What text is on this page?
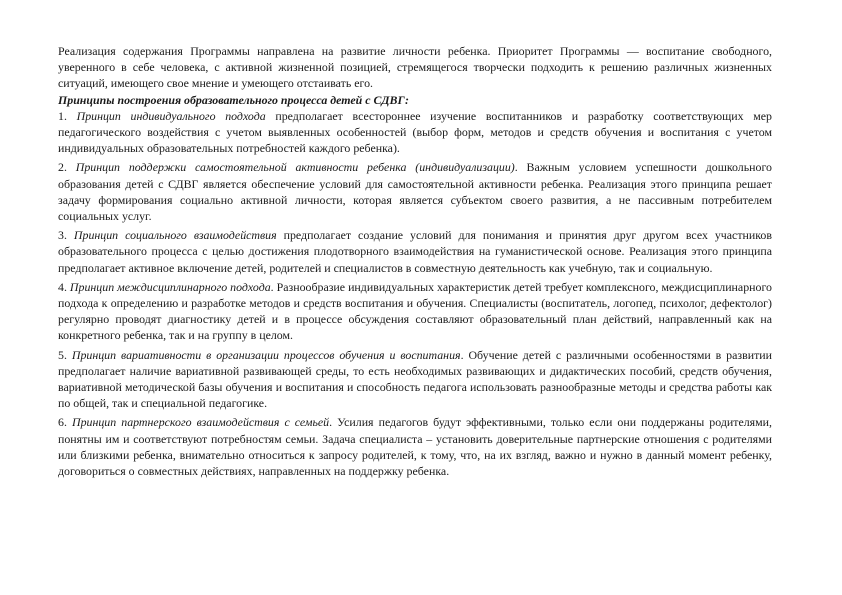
Реализация содержания Программы направлена на развитие личности ребенка. Приоритет Программы — воспитание свободного, уверенного в себе человека, с активной жизненной позицией, стремящегося творчески подходить к решению различных жизненных ситуаций, имеющего свое мнение и умеющего отстаивать его.

Принципы построения образовательного процесса детей с СДВГ:

1. Принцип индивидуального подхода предполагает всестороннее изучение воспитанников и разработку соответствующих мер педагогического воздействия с учетом выявленных особенностей (выбор форм, методов и средств обучения и воспитания с учетом индивидуальных образовательных потребностей каждого ребенка).

2. Принцип поддержки самостоятельной активности ребенка (индивидуализации). Важным условием успешности дошкольного образования детей с СДВГ является обеспечение условий для самостоятельной активности ребенка. Реализация этого принципа решает задачу формирования социально активной личности, которая является субъектом своего развития, а не пассивным потребителем социальных услуг.

3. Принцип социального взаимодействия предполагает создание условий для понимания и принятия друг другом всех участников образовательного процесса с целью достижения плодотворного взаимодействия на гуманистической основе. Реализация этого принципа предполагает активное включение детей, родителей и специалистов в совместную деятельность как учебную, так и социальную.

4. Принцип междисциплинарного подхода. Разнообразие индивидуальных характеристик детей требует комплексного, междисциплинарного подхода к определению и разработке методов и средств воспитания и обучения. Специалисты (воспитатель, логопед, психолог, дефектолог) регулярно проводят диагностику детей и в процессе обсуждения составляют образовательный план действий, направленный как на конкретного ребенка, так и на группу в целом.

5. Принцип вариативности в организации процессов обучения и воспитания. Обучение детей с различными особенностями в развитии предполагает наличие вариативной развивающей среды, то есть необходимых развивающих и дидактических пособий, средств обучения, вариативной методической базы обучения и воспитания и способность педагога использовать разнообразные методы и средства работы как по общей, так и специальной педагогике.

6. Принцип партнерского взаимодействия с семьей. Усилия педагогов будут эффективными, только если они поддержаны родителями, понятны им и соответствуют потребностям семьи. Задача специалиста – установить доверительные партнерские отношения с родителями или близкими ребенка, внимательно относиться к запросу родителей, к тому, что, на их взгляд, важно и нужно в данный момент ребенку, договориться о совместных действиях, направленных на поддержку ребенка.
